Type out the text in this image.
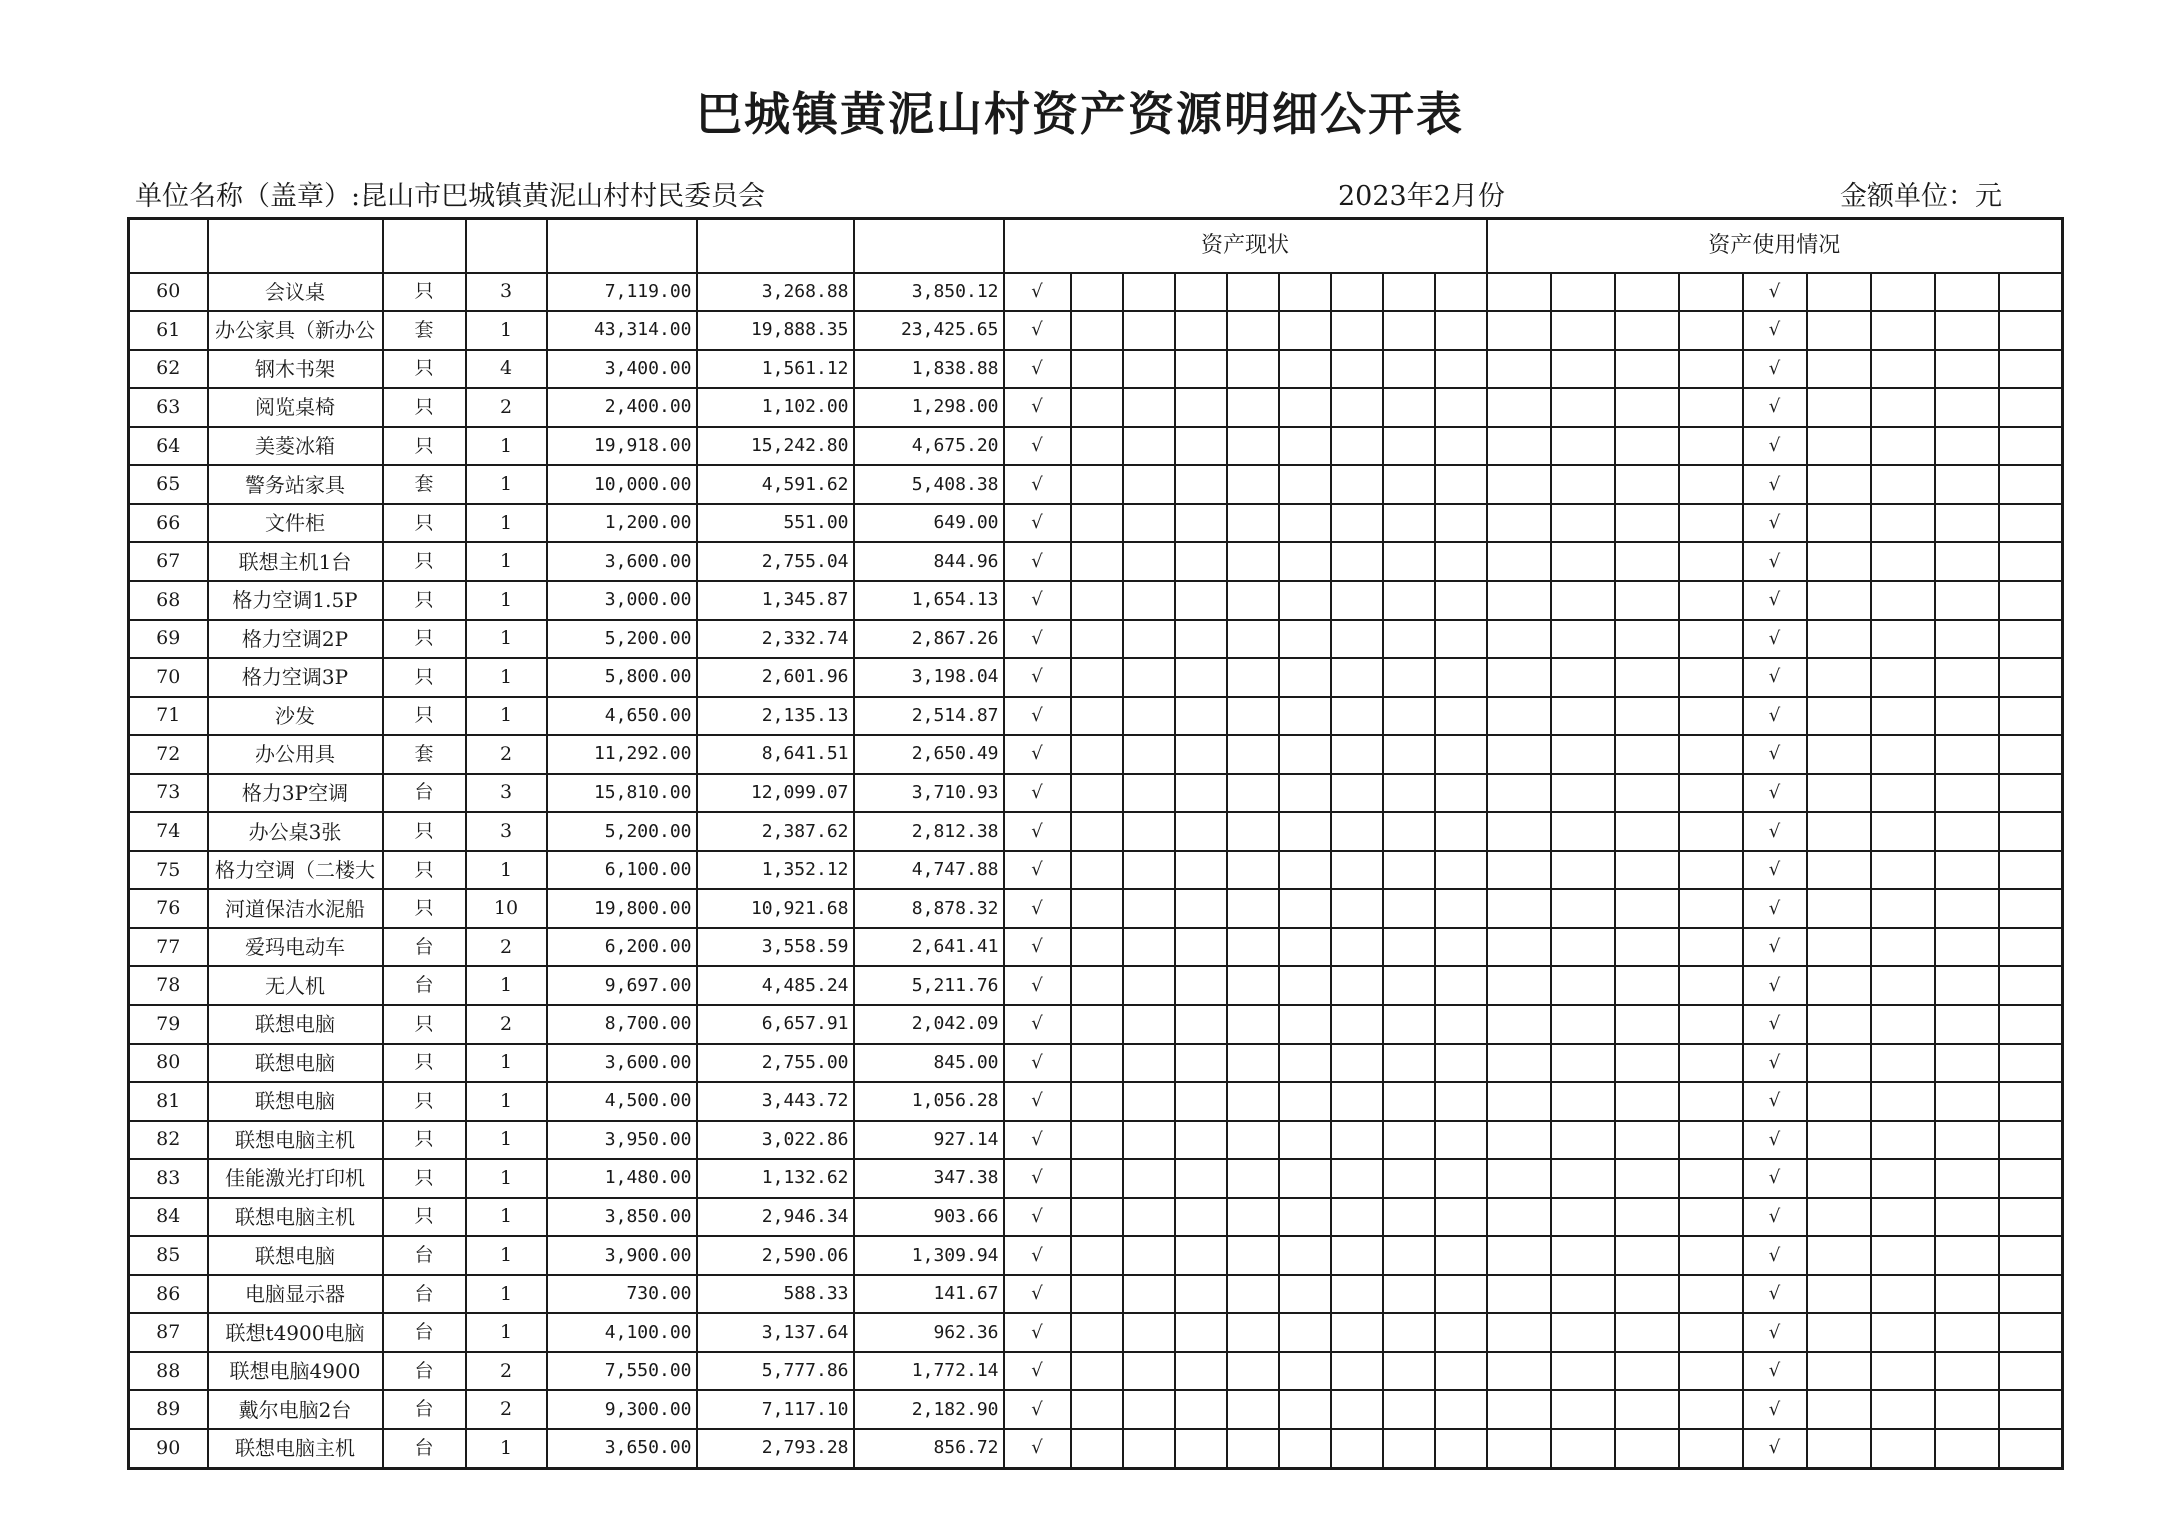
巴城镇黄泥山村资产资源明细公开表
单位名称（盖章）:昆山市巴城镇黄泥山村村民委员会	2023年2月份	金额单位：元
							资产现状									资产使用情况								
60	会议桌	只	3	7,119.00	3,268.88	3,850.12	√													√				
61	办公家具（新办公	套	1	43,314.00	19,888.35	23,425.65	√													√				
62	钢木书架	只	4	3,400.00	1,561.12	1,838.88	√													√				
63	阅览桌椅	只	2	2,400.00	1,102.00	1,298.00	√													√				
64	美菱冰箱	只	1	19,918.00	15,242.80	4,675.20	√													√				
65	警务站家具	套	1	10,000.00	4,591.62	5,408.38	√													√				
66	文件柜	只	1	1,200.00	551.00	649.00	√													√				
67	联想主机1台	只	1	3,600.00	2,755.04	844.96	√													√				
68	格力空调1.5P	只	1	3,000.00	1,345.87	1,654.13	√													√				
69	格力空调2P	只	1	5,200.00	2,332.74	2,867.26	√													√				
70	格力空调3P	只	1	5,800.00	2,601.96	3,198.04	√													√				
71	沙发	只	1	4,650.00	2,135.13	2,514.87	√													√				
72	办公用具	套	2	11,292.00	8,641.51	2,650.49	√													√				
73	格力3P空调	台	3	15,810.00	12,099.07	3,710.93	√													√				
74	办公桌3张	只	3	5,200.00	2,387.62	2,812.38	√													√				
75	格力空调（二楼大	只	1	6,100.00	1,352.12	4,747.88	√													√				
76	河道保洁水泥船	只	10	19,800.00	10,921.68	8,878.32	√													√				
77	爱玛电动车	台	2	6,200.00	3,558.59	2,641.41	√													√				
78	无人机	台	1	9,697.00	4,485.24	5,211.76	√													√				
79	联想电脑	只	2	8,700.00	6,657.91	2,042.09	√													√				
80	联想电脑	只	1	3,600.00	2,755.00	845.00	√													√				
81	联想电脑	只	1	4,500.00	3,443.72	1,056.28	√													√				
82	联想电脑主机	只	1	3,950.00	3,022.86	927.14	√													√				
83	佳能激光打印机	只	1	1,480.00	1,132.62	347.38	√													√				
84	联想电脑主机	只	1	3,850.00	2,946.34	903.66	√													√				
85	联想电脑	台	1	3,900.00	2,590.06	1,309.94	√													√				
86	电脑显示器	台	1	730.00	588.33	141.67	√													√				
87	联想t4900电脑	台	1	4,100.00	3,137.64	962.36	√													√				
88	联想电脑4900	台	2	7,550.00	5,777.86	1,772.14	√													√				
89	戴尔电脑2台	台	2	9,300.00	7,117.10	2,182.90	√													√				
90	联想电脑主机	台	1	3,650.00	2,793.28	856.72	√													√				
